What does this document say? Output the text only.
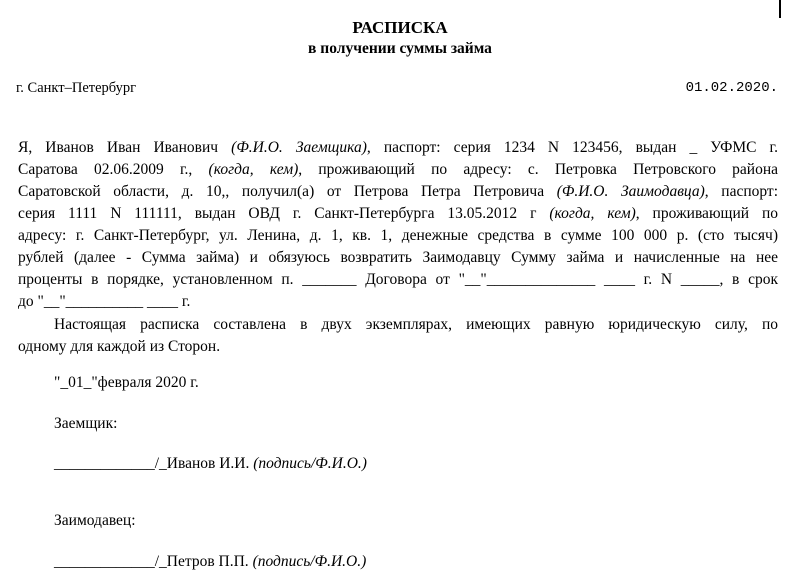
РАСПИСКА
в получении суммы займа
г. Санкт–Петербург	01.02.2020.
Я, Иванов Иван Иванович (Ф.И.О. Заемщика), паспорт: серия 1234 N 123456, выдан _ УФМС г.
Саратова 02.06.2009 г., (когда, кем), проживающий по адресу: с. Петровка Петровского района
Саратовской области, д. 10,, получил(а) от Петрова Петра Петровича (Ф.И.О. Заимодавца), паспорт:
серия 1111 N 111111, выдан ОВД г. Санкт-Петербурга 13.05.2012 г (когда, кем), проживающий по
адресу: г. Санкт-Петербург, ул. Ленина, д. 1, кв. 1, денежные средства в сумме 100 000 р. (сто тысяч)
рублей (далее - Сумма займа) и обязуюсь возвратить Заимодавцу Сумму займа и начисленные на нее
проценты в порядке, установленном п. _______ Договора от "__"______________ ____ г. N _____, в срок
до "__"__________ ____ г.
Настоящая расписка составлена в двух экземплярах, имеющих равную юридическую силу, по
одному для каждой из Сторон.
"_01_"февраля 2020 г.
Заемщик:
_____________/_Иванов И.И. (подпись/Ф.И.О.)
Заимодавец:
_____________/_Петров П.П. (подпись/Ф.И.О.)
